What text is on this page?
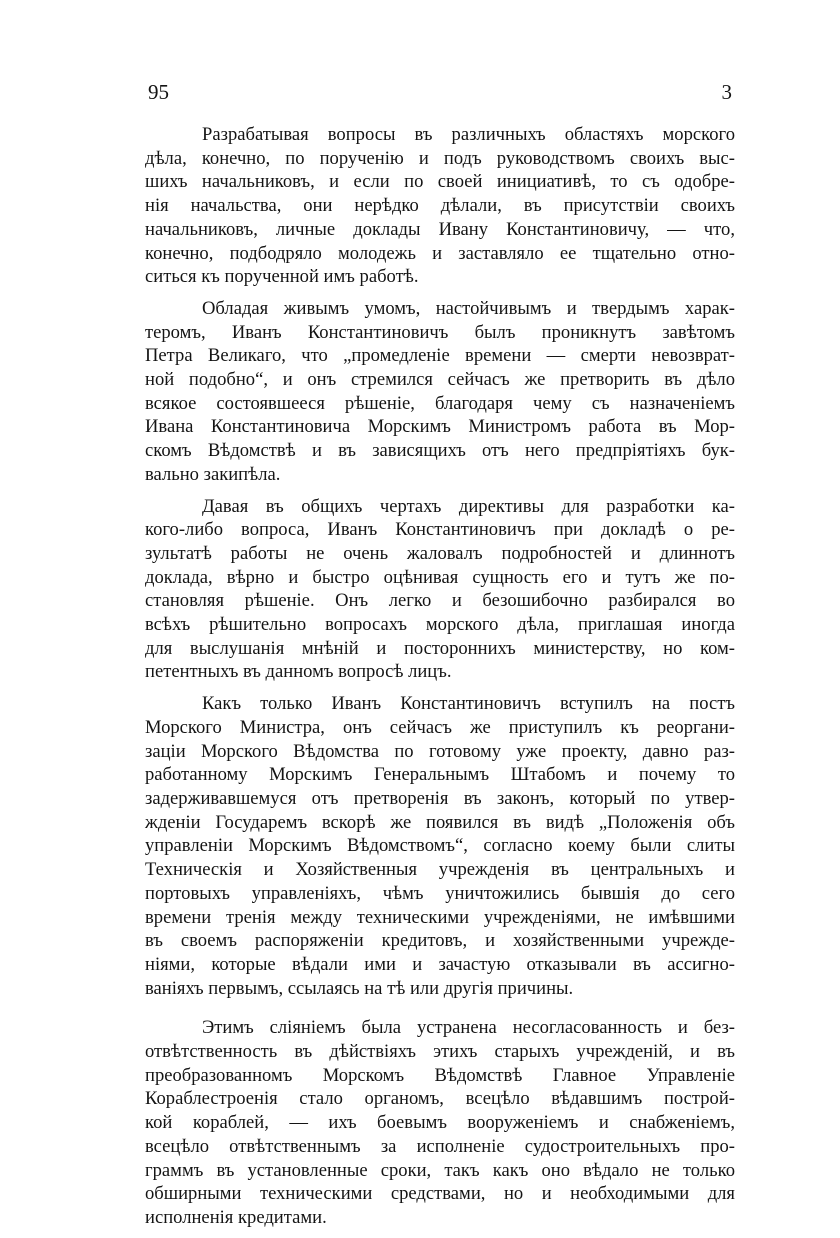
95	3
Разрабатывая вопросы въ различныхъ областяхъ морского
дѣла, конечно, по порученію и подъ руководствомъ своихъ выс-
шихъ начальниковъ, и если по своей инициативѣ, то съ одобре-
нія начальства, они нерѣдко дѣлали, въ присутствіи своихъ
начальниковъ, личные доклады Ивану Константиновичу, — что,
конечно, подбодряло молодежь и заставляло ее тщательно отно-
ситься къ порученной имъ работѣ.
Обладая живымъ умомъ, настойчивымъ и твердымъ харак-
теромъ, Иванъ Константиновичъ былъ проникнутъ завѣтомъ
Петра Великаго, что „промедленіе времени — смерти невозврат-
ной подобно“, и онъ стремился сейчасъ же претворить въ дѣло
всякое состоявшееся рѣшеніе, благодаря чему съ назначеніемъ
Ивана Константиновича Морскимъ Министромъ работа въ Мор-
скомъ Вѣдомствѣ и въ зависящихъ отъ него предпріятіяхъ бук-
вально закипѣла.
Давая въ общихъ чертахъ директивы для разработки ка-
кого-либо вопроса, Иванъ Константиновичъ при докладѣ о ре-
зультатѣ работы не очень жаловалъ подробностей и длиннотъ
доклада, вѣрно и быстро оцѣнивая сущность его и тутъ же по-
становляя рѣшеніе. Онъ легко и безошибочно разбирался во
всѣхъ рѣшительно вопросахъ морского дѣла, приглашая иногда
для выслушанія мнѣній и постороннихъ министерству, но ком-
петентныхъ въ данномъ вопросѣ лицъ.
Какъ только Иванъ Константиновичъ вступилъ на постъ
Морского Министра, онъ сейчасъ же приступилъ къ реоргани-
заціи Морского Вѣдомства по готовому уже проекту, давно раз-
работанному Морскимъ Генеральнымъ Штабомъ и почему то
задерживавшемуся отъ претворенія въ законъ, который по утвер-
жденіи Государемъ вскорѣ же появился въ видѣ „Положенія объ
управленіи Морскимъ Вѣдомствомъ“, согласно коему были слиты
Техническія и Хозяйственныя учрежденія въ центральныхъ и
портовыхъ управленіяхъ, чѣмъ уничтожились бывшія до сего
времени тренія между техническими учрежденіями, не имѣвшими
въ своемъ распоряженіи кредитовъ, и хозяйственными учрежде-
ніями, которые вѣдали ими и зачастую отказывали въ ассигно-
ваніяхъ первымъ, ссылаясь на тѣ или другія причины.
Этимъ сліяніемъ была устранена несогласованность и без-
отвѣтственность въ дѣйствіяхъ этихъ старыхъ учрежденій, и въ
преобразованномъ Морскомъ Вѣдомствѣ Главное Управленіе
Кораблестроенія стало органомъ, всецѣло вѣдавшимъ построй-
кой кораблей, — ихъ боевымъ вооруженіемъ и снабженіемъ,
всецѣло отвѣтственнымъ за исполненіе судостроительныхъ про-
граммъ въ установленные сроки, такъ какъ оно вѣдало не только
обширными техническими средствами, но и необходимыми для
исполненія кредитами.
